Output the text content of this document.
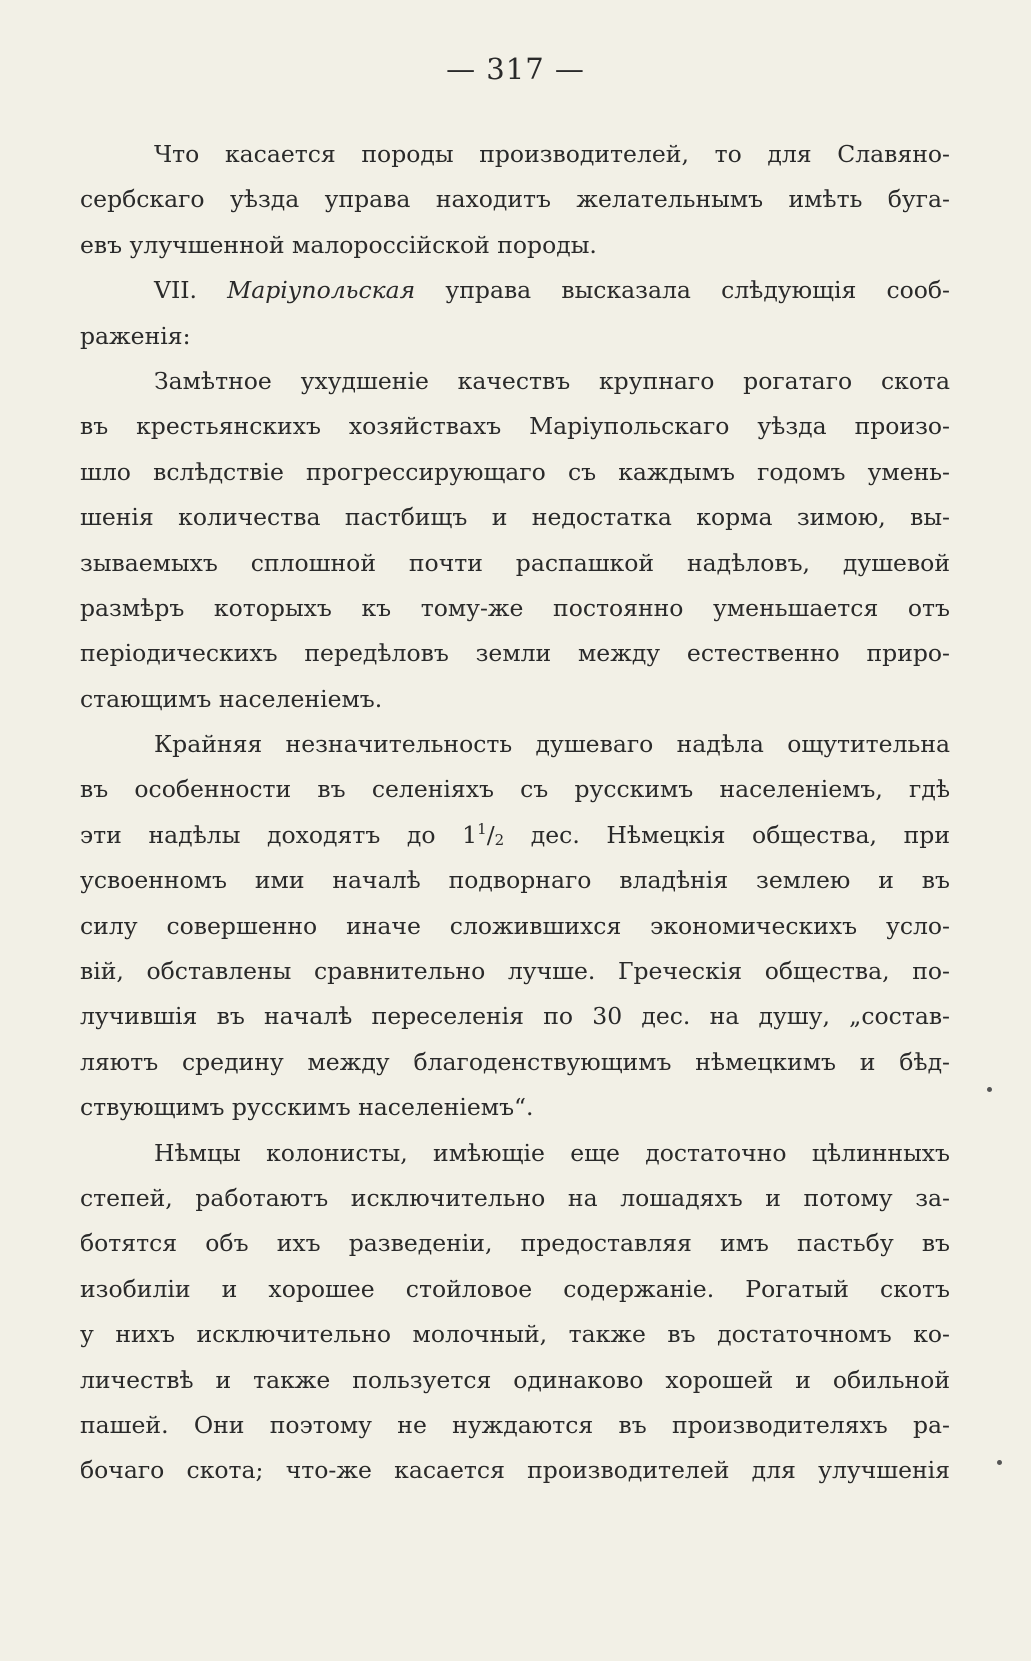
— 317 —
Что касается породы производителей, то для Славяно-
сербскаго уѣзда управа находитъ желательнымъ имѣть буга-
евъ улучшенной малороссійской породы.
VII. Маріупольская управа высказала слѣдующія сооб-
раженія:
Замѣтное ухудшеніе качествъ крупнаго рогатаго скота
въ крестьянскихъ хозяйствахъ Маріупольскаго уѣзда произо-
шло вслѣдствіе прогрессирующаго съ каждымъ годомъ умень-
шенія количества пастбищъ и недостатка корма зимою, вы-
зываемыхъ сплошной почти распашкой надѣловъ, душевой
размѣръ которыхъ къ тому-же постоянно уменьшается отъ
періодическихъ передѣловъ земли между естественно приро-
стающимъ населеніемъ.
Крайняя незначительность душеваго надѣла ощутительна
въ особенности въ селеніяхъ съ русскимъ населеніемъ, гдѣ
эти надѣлы доходятъ до $1^1/_2$ дес. Нѣмецкія общества, при
усвоенномъ ими началѣ подворнаго владѣнія землею и въ
силу совершенно иначе сложившихся экономическихъ усло-
вій, обставлены сравнительно лучше. Греческія общества, по-
лучившія въ началѣ переселенія по 30 дес. на душу, „состав-
ляютъ средину между благоденствующимъ нѣмецкимъ и бѣд-
ствующимъ русскимъ населеніемъ“.
Нѣмцы колонисты, имѣющіе еще достаточно цѣлинныхъ
степей, работаютъ исключительно на лошадяхъ и потому за-
ботятся объ ихъ разведеніи, предоставляя имъ пастьбу въ
изобиліи и хорошее стойловое содержаніе. Рогатый скотъ
у нихъ исключительно молочный, также въ достаточномъ ко-
личествѣ и также пользуется одинаково хорошей и обильной
пашей. Они поэтому не нуждаются въ производителяхъ ра-
бочаго скота; что-же касается производителей для улучшенія
